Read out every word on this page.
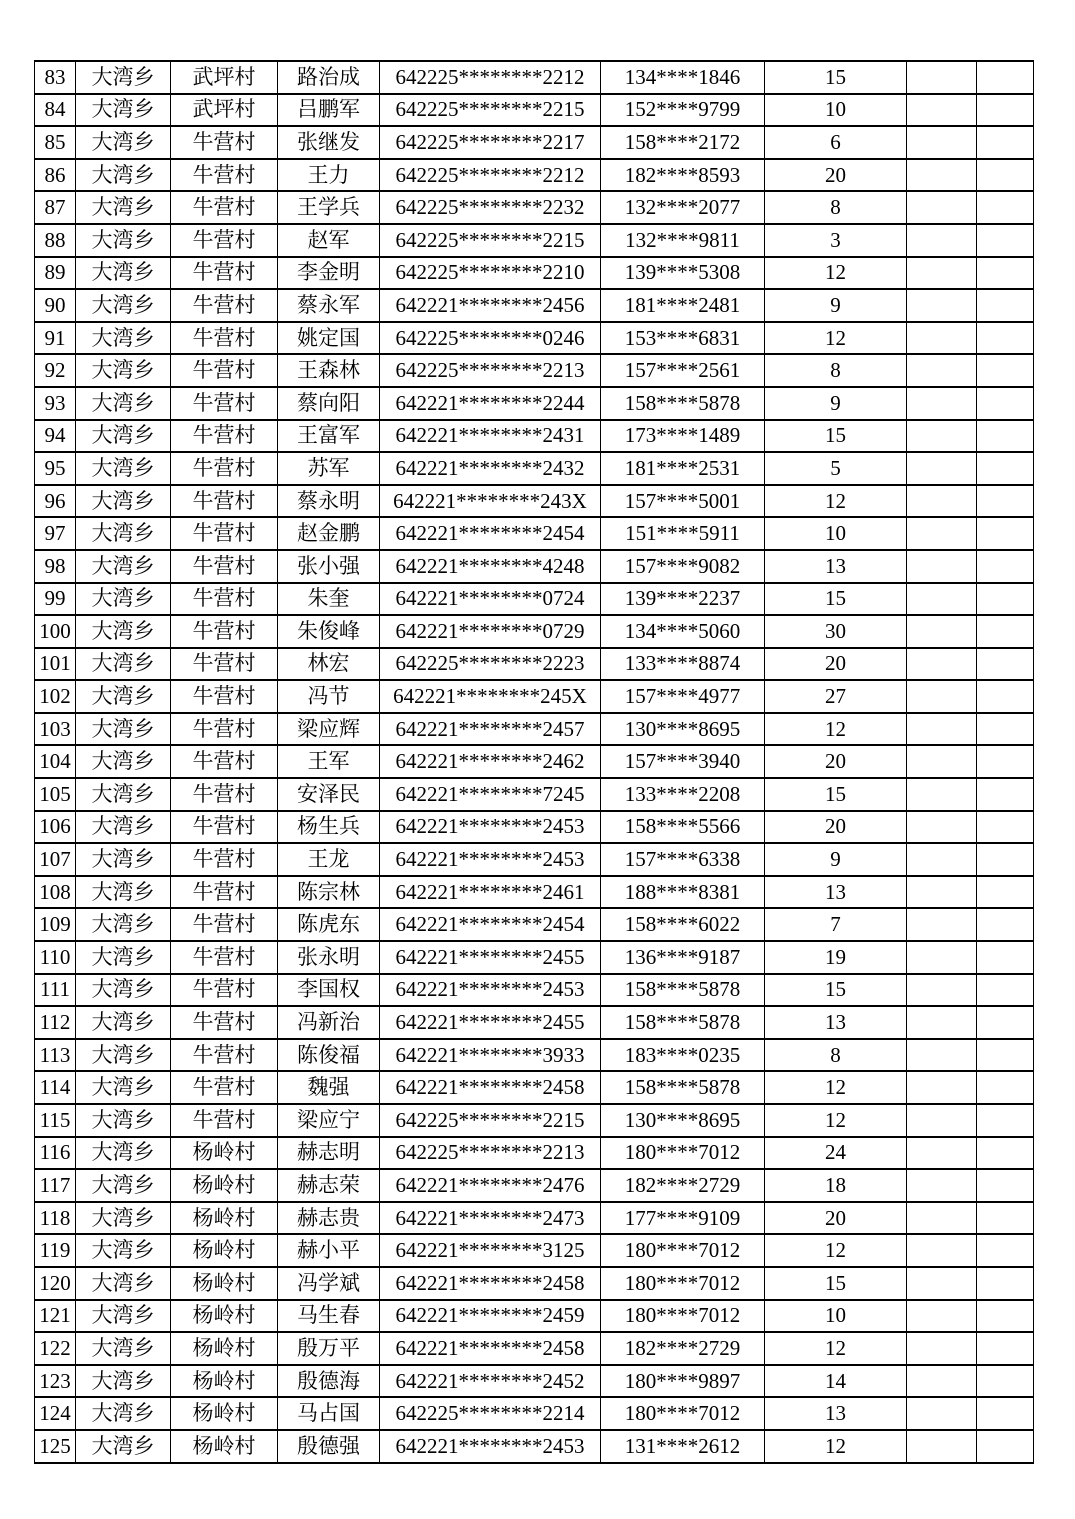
83	大湾乡	武坪村	路治成	642225********2212	134****1846	15		
84	大湾乡	武坪村	吕鹏军	642225********2215	152****9799	10		
85	大湾乡	牛营村	张继发	642225********2217	158****2172	6		
86	大湾乡	牛营村	王力	642225********2212	182****8593	20		
87	大湾乡	牛营村	王学兵	642225********2232	132****2077	8		
88	大湾乡	牛营村	赵军	642225********2215	132****9811	3		
89	大湾乡	牛营村	李金明	642225********2210	139****5308	12		
90	大湾乡	牛营村	蔡永军	642221********2456	181****2481	9		
91	大湾乡	牛营村	姚定国	642225********0246	153****6831	12		
92	大湾乡	牛营村	王森林	642225********2213	157****2561	8		
93	大湾乡	牛营村	蔡向阳	642221********2244	158****5878	9		
94	大湾乡	牛营村	王富军	642221********2431	173****1489	15		
95	大湾乡	牛营村	苏军	642221********2432	181****2531	5		
96	大湾乡	牛营村	蔡永明	642221********243X	157****5001	12		
97	大湾乡	牛营村	赵金鹏	642221********2454	151****5911	10		
98	大湾乡	牛营村	张小强	642221********4248	157****9082	13		
99	大湾乡	牛营村	朱奎	642221********0724	139****2237	15		
100	大湾乡	牛营村	朱俊峰	642221********0729	134****5060	30		
101	大湾乡	牛营村	林宏	642225********2223	133****8874	20		
102	大湾乡	牛营村	冯节	642221********245X	157****4977	27		
103	大湾乡	牛营村	梁应辉	642221********2457	130****8695	12		
104	大湾乡	牛营村	王军	642221********2462	157****3940	20		
105	大湾乡	牛营村	安泽民	642221********7245	133****2208	15		
106	大湾乡	牛营村	杨生兵	642221********2453	158****5566	20		
107	大湾乡	牛营村	王龙	642221********2453	157****6338	9		
108	大湾乡	牛营村	陈宗林	642221********2461	188****8381	13		
109	大湾乡	牛营村	陈虎东	642221********2454	158****6022	7		
110	大湾乡	牛营村	张永明	642221********2455	136****9187	19		
111	大湾乡	牛营村	李国权	642221********2453	158****5878	15		
112	大湾乡	牛营村	冯新治	642221********2455	158****5878	13		
113	大湾乡	牛营村	陈俊福	642221********3933	183****0235	8		
114	大湾乡	牛营村	魏强	642221********2458	158****5878	12		
115	大湾乡	牛营村	梁应宁	642225********2215	130****8695	12		
116	大湾乡	杨岭村	赫志明	642225********2213	180****7012	24		
117	大湾乡	杨岭村	赫志荣	642221********2476	182****2729	18		
118	大湾乡	杨岭村	赫志贵	642221********2473	177****9109	20		
119	大湾乡	杨岭村	赫小平	642221********3125	180****7012	12		
120	大湾乡	杨岭村	冯学斌	642221********2458	180****7012	15		
121	大湾乡	杨岭村	马生春	642221********2459	180****7012	10		
122	大湾乡	杨岭村	殷万平	642221********2458	182****2729	12		
123	大湾乡	杨岭村	殷德海	642221********2452	180****9897	14		
124	大湾乡	杨岭村	马占国	642225********2214	180****7012	13		
125	大湾乡	杨岭村	殷德强	642221********2453	131****2612	12		
